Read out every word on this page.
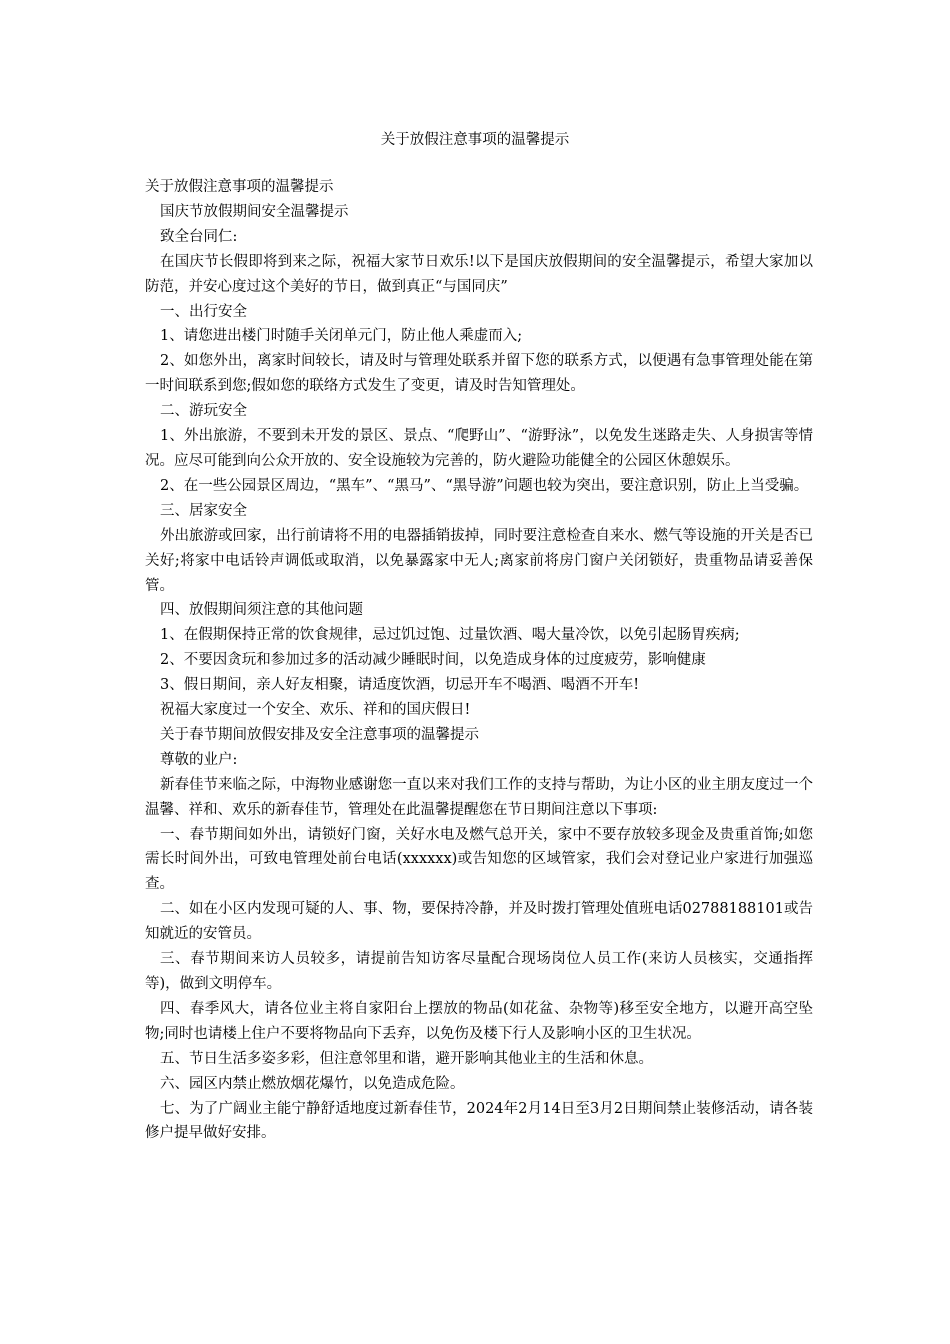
关于放假注意事项的温馨提示

关于放假注意事项的温馨提示

国庆节放假期间安全温馨提示

致全台同仁:

在国庆节长假即将到来之际，祝福大家节日欢乐!以下是国庆放假期间的安全温馨提示，希望大家加以防范，并安心度过这个美好的节日，做到真正“与国同庆”

一、出行安全

1、请您进出楼门时随手关闭单元门，防止他人乘虚而入;

2、如您外出，离家时间较长，请及时与管理处联系并留下您的联系方式，以便遇有急事管理处能在第一时间联系到您;假如您的联络方式发生了变更，请及时告知管理处。

二、游玩安全

1、外出旅游，不要到未开发的景区、景点、“爬野山”、“游野泳”，以免发生迷路走失、人身损害等情况。应尽可能到向公众开放的、安全设施较为完善的，防火避险功能健全的公园区休憩娱乐。

2、在一些公园景区周边，“黑车”、“黑马”、“黑导游”问题也较为突出，要注意识别，防止上当受骗。

三、居家安全

外出旅游或回家，出行前请将不用的电器插销拔掉，同时要注意检查自来水、燃气等设施的开关是否已关好;将家中电话铃声调低或取消，以免暴露家中无人;离家前将房门窗户关闭锁好，贵重物品请妥善保管。

四、放假期间须注意的其他问题

1、在假期保持正常的饮食规律，忌过饥过饱、过量饮酒、喝大量冷饮，以免引起肠胃疾病;

2、不要因贪玩和参加过多的活动减少睡眠时间，以免造成身体的过度疲劳，影响健康

3、假日期间，亲人好友相聚，请适度饮酒，切忌开车不喝酒、喝酒不开车!

祝福大家度过一个安全、欢乐、祥和的国庆假日!

关于春节期间放假安排及安全注意事项的温馨提示

尊敬的业户:

新春佳节来临之际，中海物业感谢您一直以来对我们工作的支持与帮助，为让小区的业主朋友度过一个温馨、祥和、欢乐的新春佳节，管理处在此温馨提醒您在节日期间注意以下事项:

一、春节期间如外出，请锁好门窗，关好水电及燃气总开关，家中不要存放较多现金及贵重首饰;如您需长时间外出，可致电管理处前台电话(xxxxxx)或告知您的区域管家，我们会对登记业户家进行加强巡查。

二、如在小区内发现可疑的人、事、物，要保持冷静，并及时拨打管理处值班电话02788188101或告知就近的安管员。

三、春节期间来访人员较多，请提前告知访客尽量配合现场岗位人员工作(来访人员核实，交通指挥等)，做到文明停车。

四、春季风大，请各位业主将自家阳台上摆放的物品(如花盆、杂物等)移至安全地方，以避开高空坠物;同时也请楼上住户不要将物品向下丢弃，以免伤及楼下行人及影响小区的卫生状况。

五、节日生活多姿多彩，但注意邻里和谐，避开影响其他业主的生活和休息。

六、园区内禁止燃放烟花爆竹，以免造成危险。

七、为了广阔业主能宁静舒适地度过新春佳节，2024年2月14日至3月2日期间禁止装修活动，请各装修户提早做好安排。
